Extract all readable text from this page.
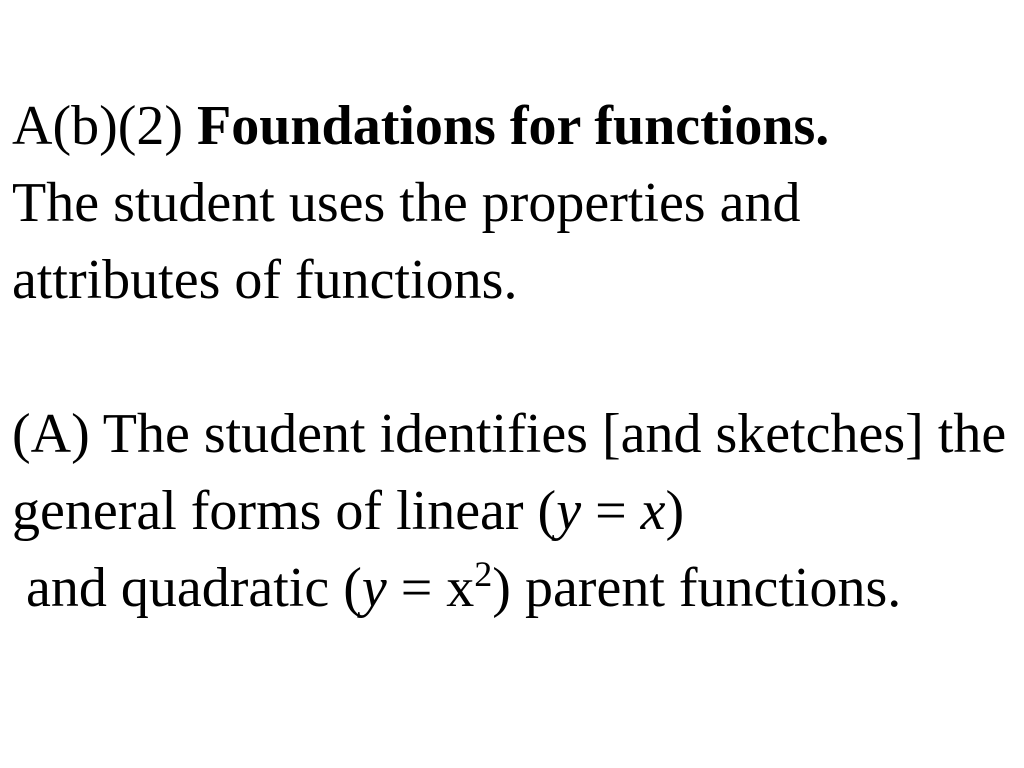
A(b)(2) Foundations for functions.
The student uses the properties and attributes of functions.

(A) The student identifies [and sketches] the general forms of linear (y = x) and quadratic $(y = x^2)$ parent functions.
